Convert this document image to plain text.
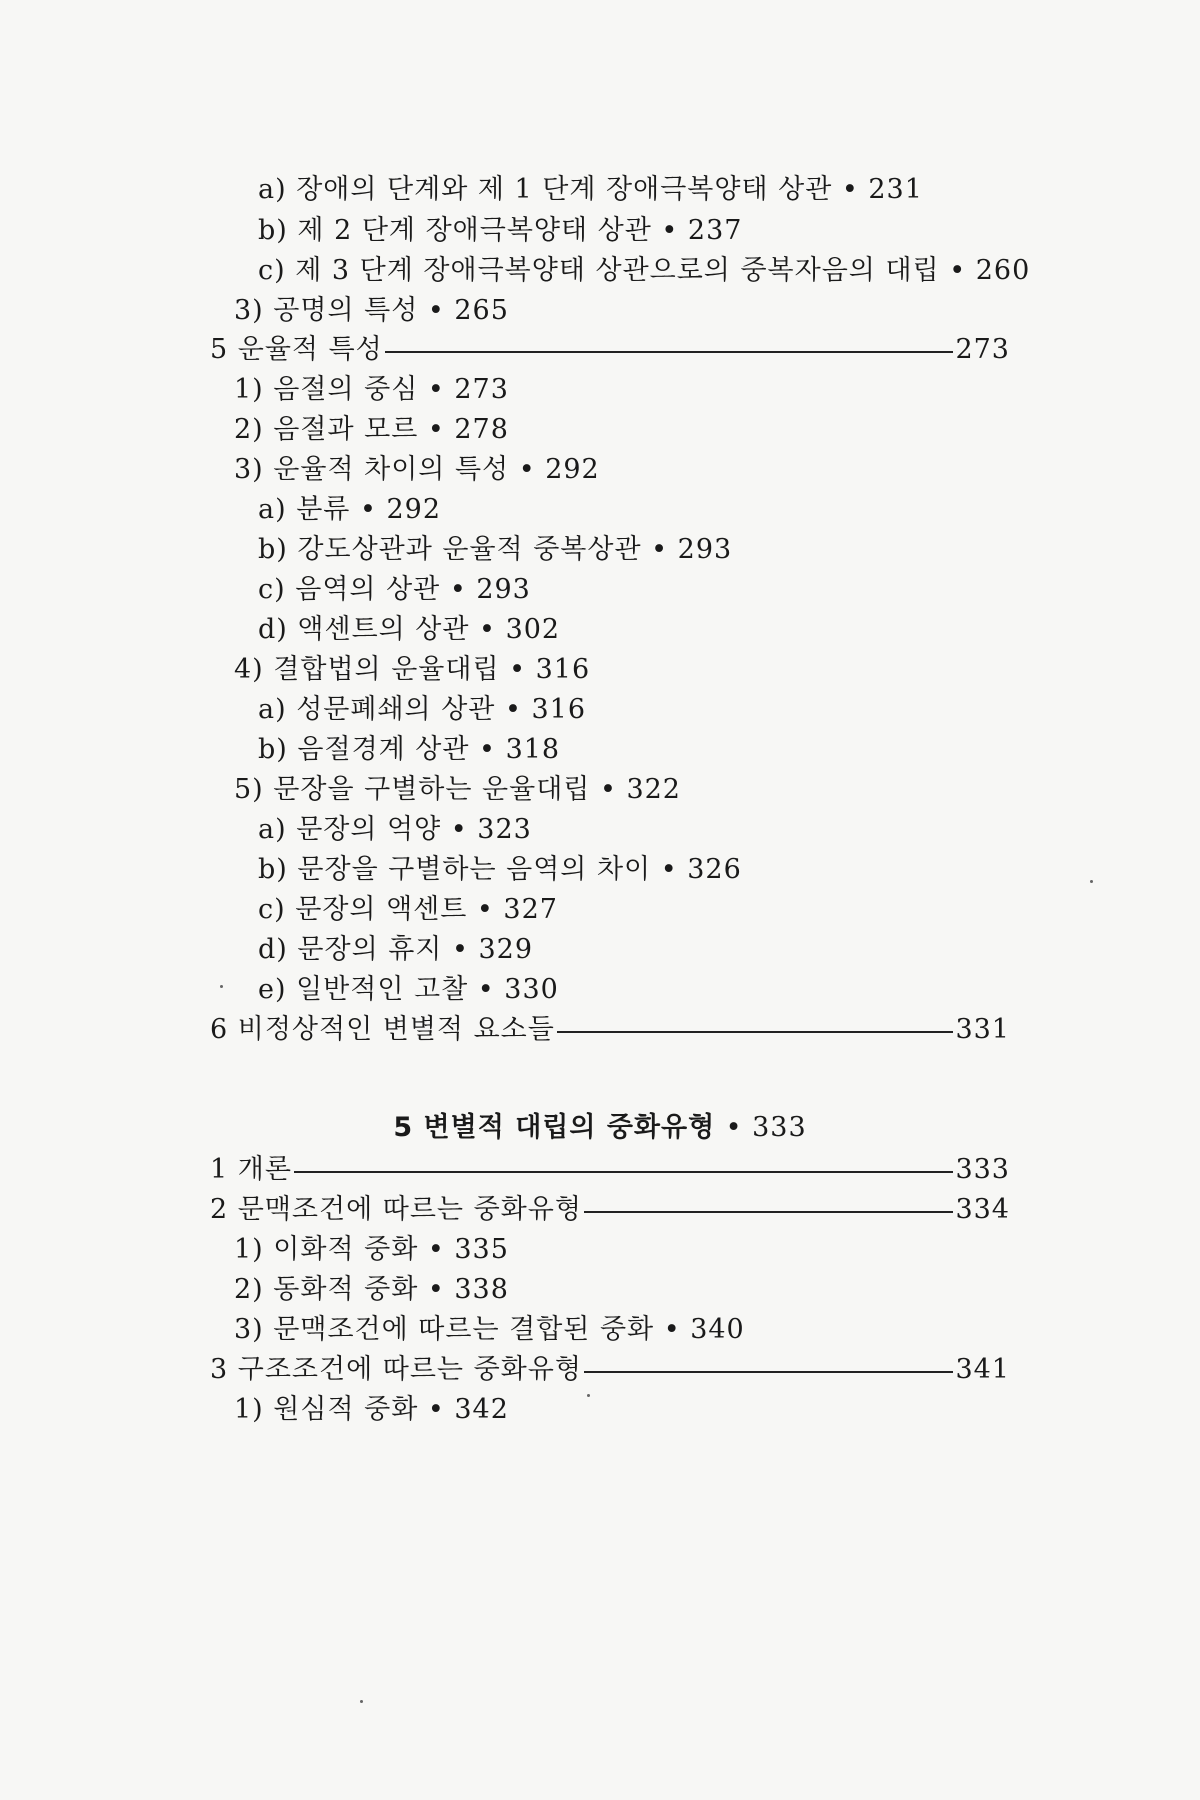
a) 장애의 단계와 제 1 단계 장애극복양태 상관 • 231
b) 제 2 단계 장애극복양태 상관 • 237
c) 제 3 단계 장애극복양태 상관으로의 중복자음의 대립 • 260
3) 공명의 특성 • 265
5 운율적 특성	273
1) 음절의 중심 • 273
2) 음절과 모르 • 278
3) 운율적 차이의 특성 • 292
a) 분류 • 292
b) 강도상관과 운율적 중복상관 • 293
c) 음역의 상관 • 293
d) 액센트의 상관 • 302
4) 결합법의 운율대립 • 316
a) 성문폐쇄의 상관 • 316
b) 음절경계 상관 • 318
5) 문장을 구별하는 운율대립 • 322
a) 문장의 억양 • 323
b) 문장을 구별하는 음역의 차이 • 326
c) 문장의 액센트 • 327
d) 문장의 휴지 • 329
e) 일반적인 고찰 • 330
6 비정상적인 변별적 요소들	331
5 변별적 대립의 중화유형 • 333
1 개론	333
2 문맥조건에 따르는 중화유형	334
1) 이화적 중화 • 335
2) 동화적 중화 • 338
3) 문맥조건에 따르는 결합된 중화 • 340
3 구조조건에 따르는 중화유형	341
1) 원심적 중화 • 342
